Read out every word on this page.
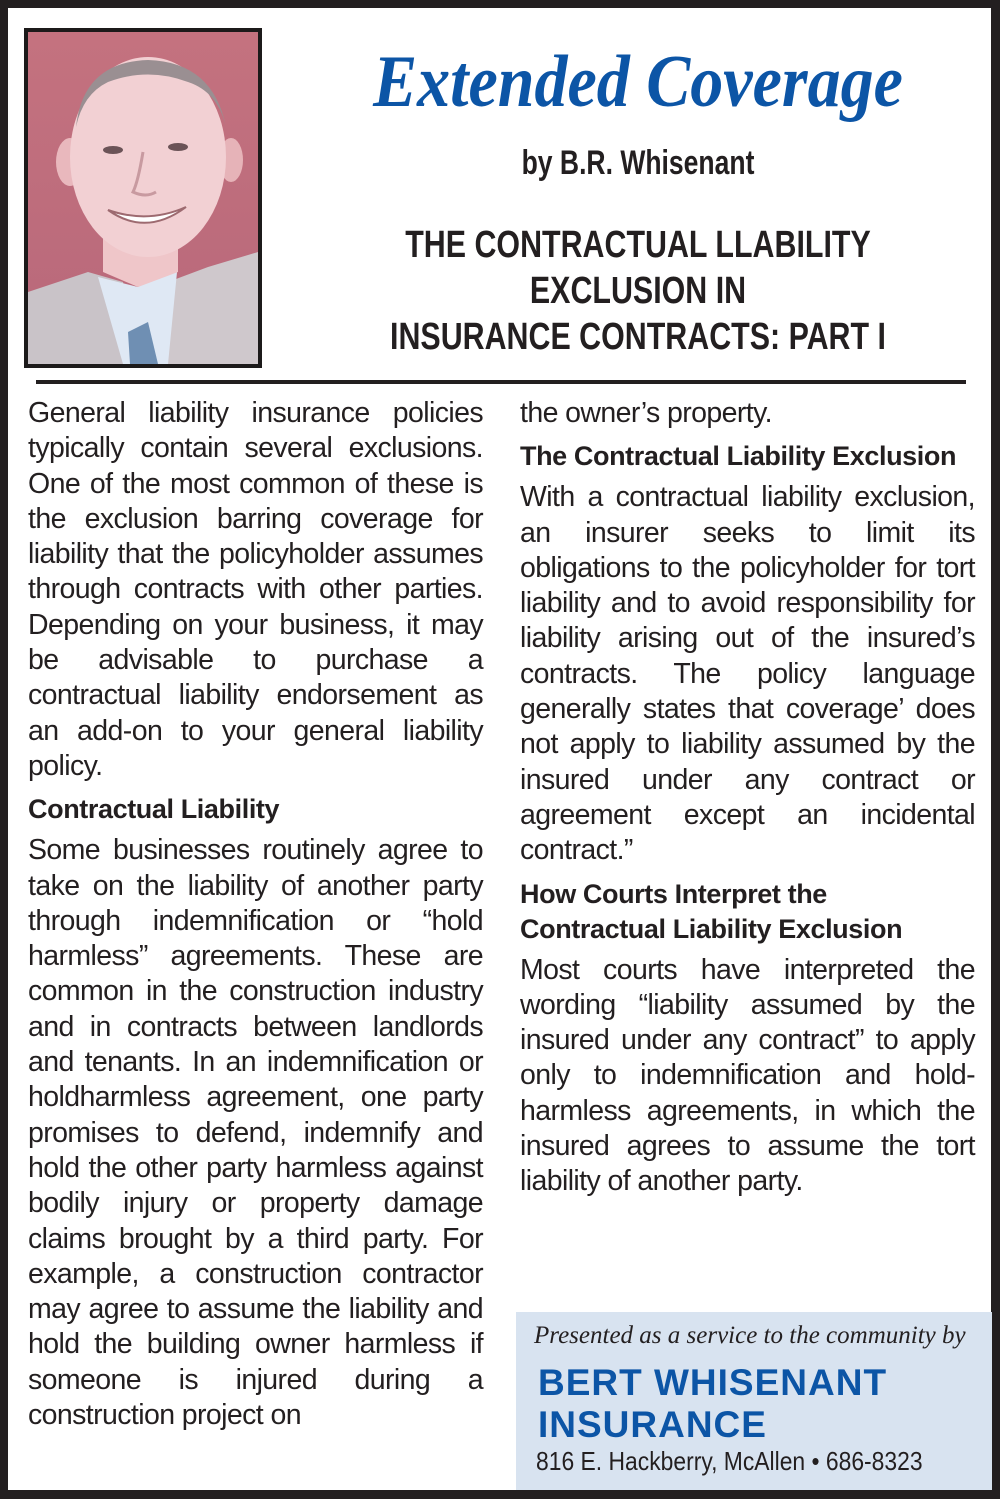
Extended Coverage
by B.R. Whisenant
THE CONTRACTUAL LLABILITY
EXCLUSION IN
INSURANCE CONTRACTS: PART I

General liability insurance policies typically contain several exclusions. One of the most common of these is the exclusion barring coverage for liability that the policyholder assumes through contracts with other parties. Depending on your business, it may be advisable to purchase a contractual liability endorsement as an add-on to your general liability policy.

Contractual Liability

Some businesses routinely agree to take on the liability of another party through indemnification or “hold harmless” agreements. These are common in the construction industry and in contracts between landlords and tenants. In an indemnification or holdharmless agreement, one party promises to defend, indemnify and hold the other party harmless against bodily injury or property damage claims brought by a third party. For example, a construction contractor may agree to assume the liability and hold the building owner harmless if someone is injured during a construction project on

the owner’s property.

The Contractual Liability Exclusion

With a contractual liability exclusion, an insurer seeks to limit its obligations to the policyholder for tort liability and to avoid responsibility for liability arising out of the insured’s contracts. The policy language generally states that coverage’ does not apply to liability assumed by the insured under any contract or agreement except an incidental contract.”

How Courts Interpret the Contractual Liability Exclusion

Most courts have interpreted the wording “liability assumed by the insured under any contract” to apply only to indemnification and hold-harmless agreements, in which the insured agrees to assume the tort liability of another party.

Presented as a service to the community by
BERT WHISENANT
INSURANCE
816 E. Hackberry, McAllen • 686-8323
